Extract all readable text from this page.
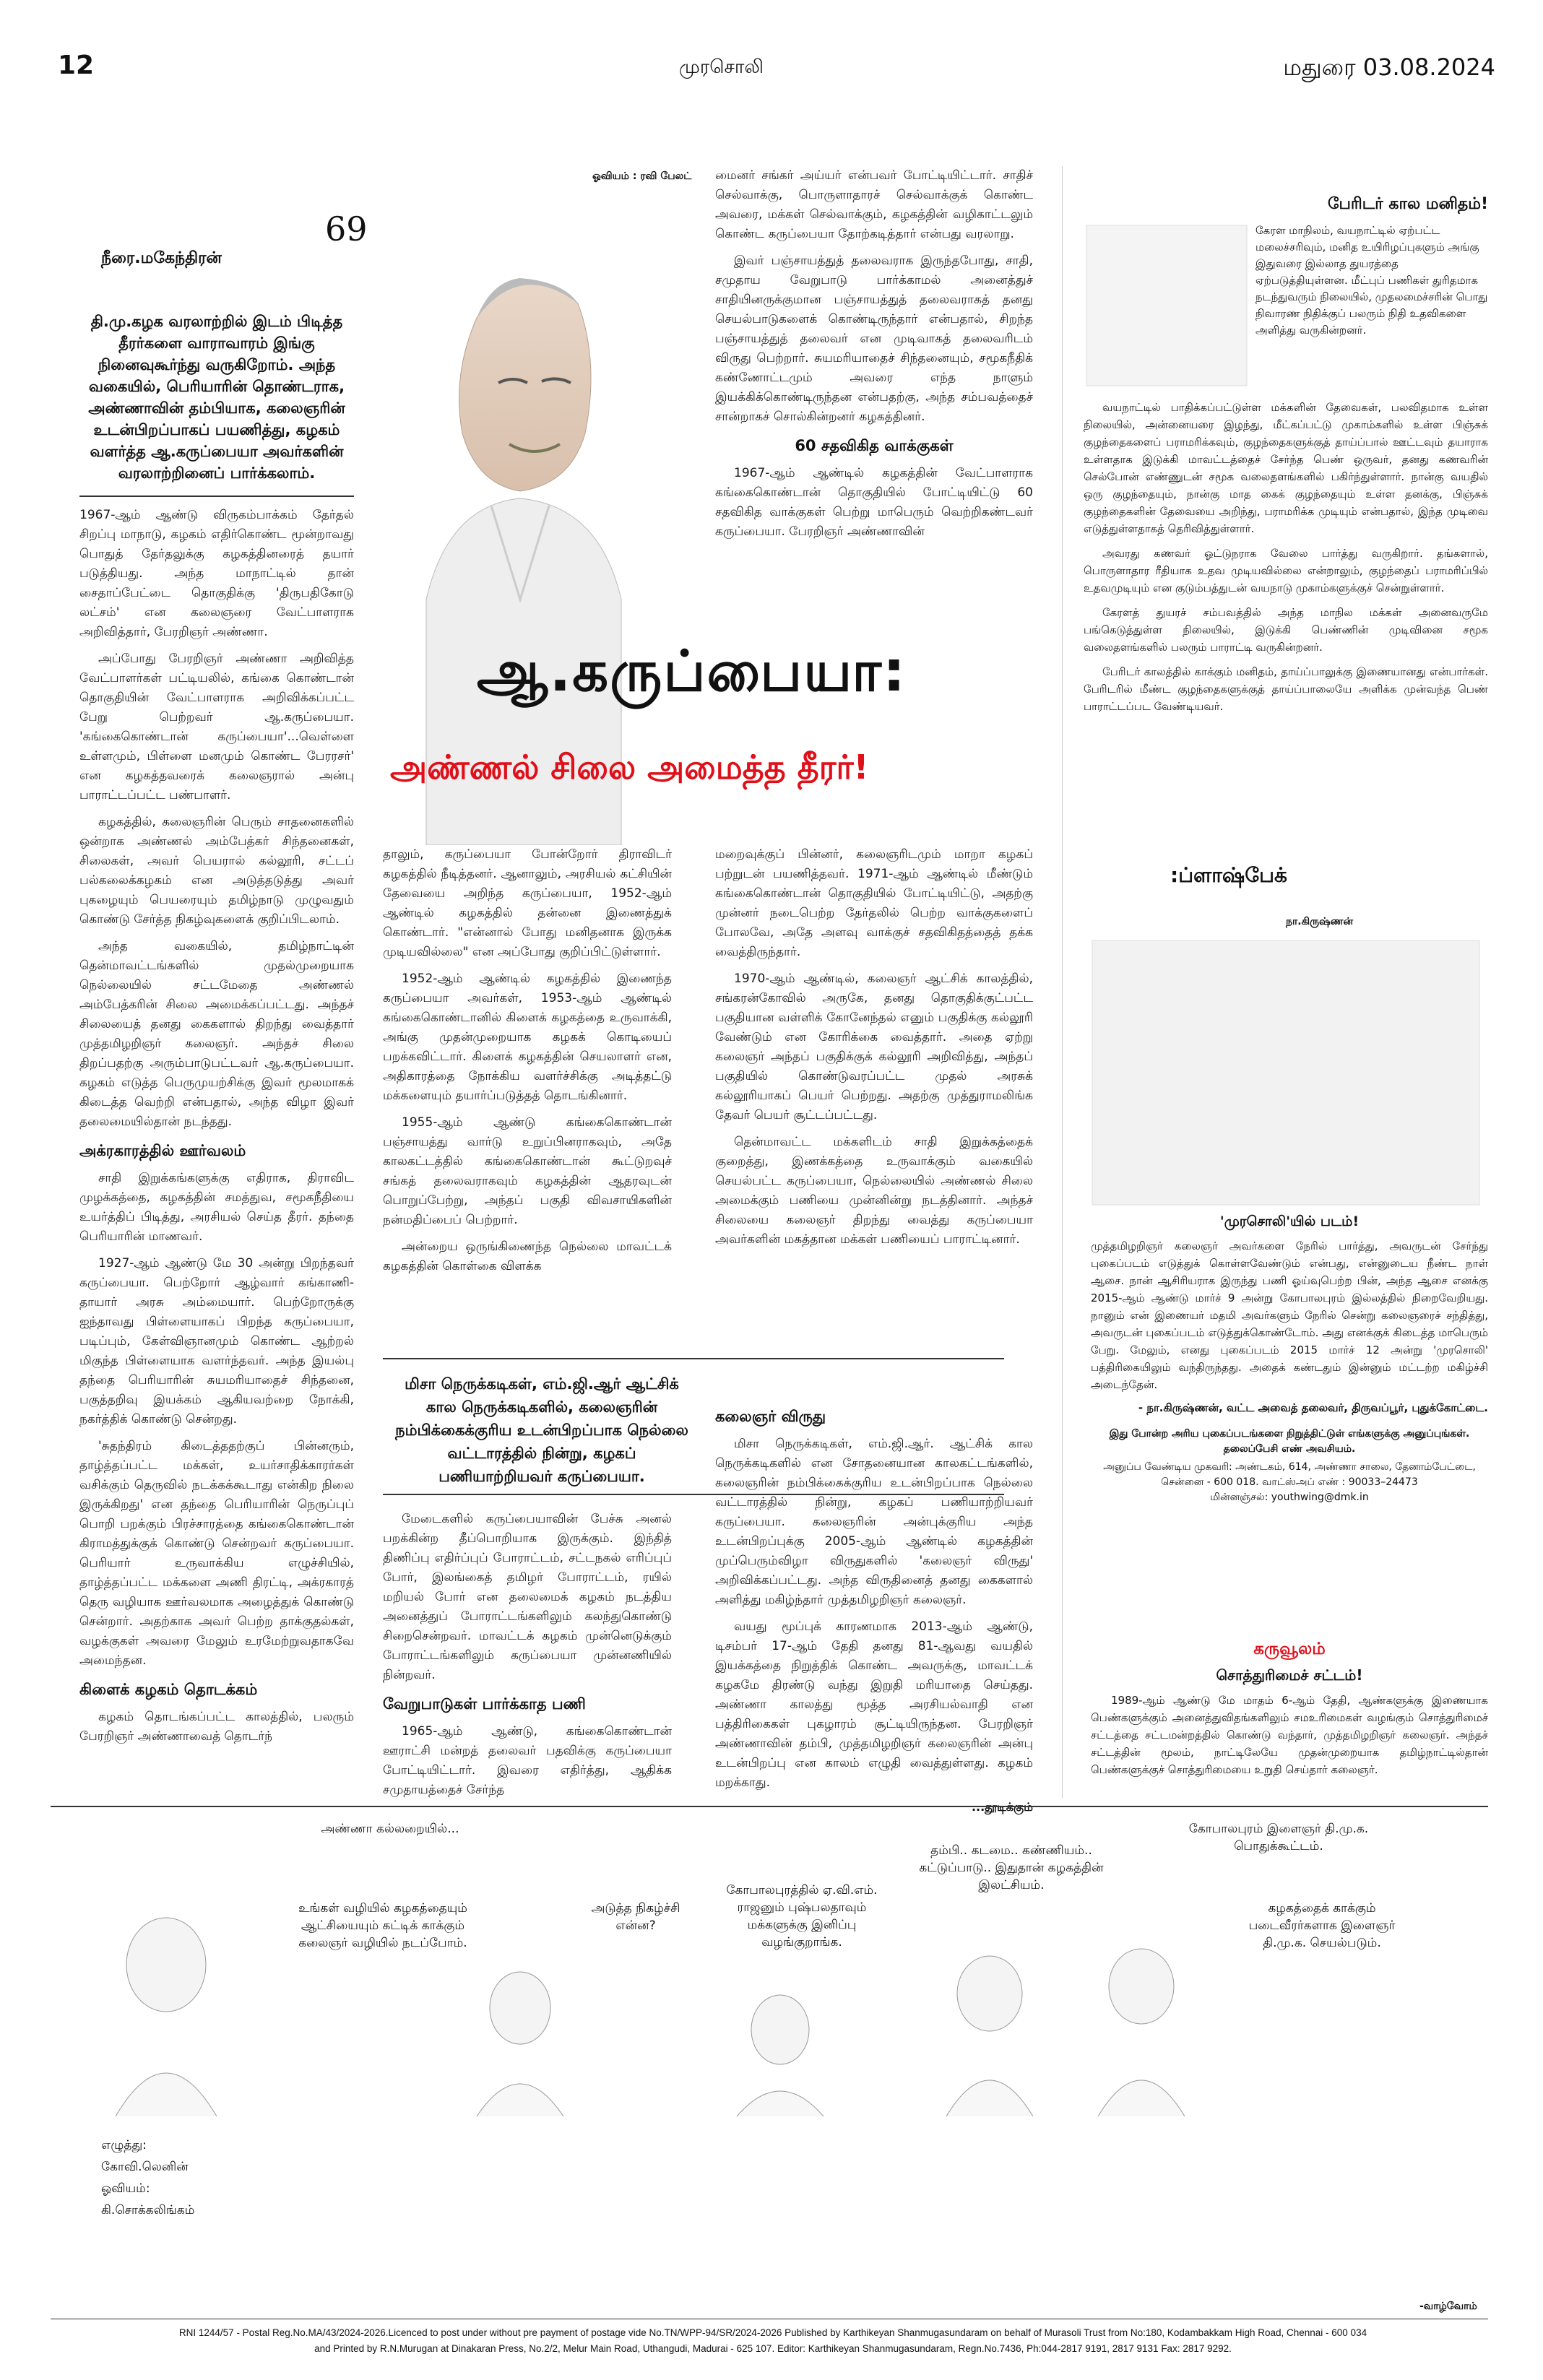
12	முரசொலி	மதுரை 03.08.2024
69
நீரை.மகேந்திரன்
ஓவியம் : ரவி பேலட்
தி.மு.கழக வரலாற்றில் இடம் பிடித்த தீரர்களை வாராவாரம் இங்கு நினைவுகூர்ந்து வருகிறோம். அந்த வகையில், பெரியாரின் தொண்டராக, அண்ணாவின் தம்பியாக, கலைஞரின் உடன்பிறப்பாகப் பயணித்து, கழகம் வளர்த்த ஆ.கருப்பையா அவர்களின் வரலாற்றினைப் பார்க்கலாம்.

1967-ஆம் ஆண்டு விருகம்பாக்கம் தேர்தல் சிறப்பு மாநாடு, கழகம் எதிர்கொண்ட மூன்றாவது பொதுத் தேர்தலுக்கு கழகத்தினரைத் தயார் படுத்தியது. அந்த மாநாட்டில் தான் சைதாப்பேட்டை தொகுதிக்கு 'திருபதிகோடு லட்சம்' என கலைஞரை வேட்பாளராக அறிவித்தார், பேரறிஞர் அண்ணா.

அப்போது பேரறிஞர் அண்ணா அறிவித்த வேட்பாளர்கள் பட்டியலில், கங்கை கொண்டான் தொகுதியின் வேட்பாளராக அறிவிக்கப்பட்ட பேறு பெற்றவர் ஆ.கருப்பையா. 'கங்கைகொண்டான் கருப்பையா'...வெள்ளை உள்ளமும், பிள்ளை மனமும் கொண்ட பேரரசர்' என கழகத்தவரைக் கலைஞரால் அன்பு பாராட்டப்பட்ட பண்பாளர்.

கழகத்தில், கலைஞரின் பெரும் சாதனைகளில் ஒன்றாக அண்ணல் அம்பேத்கர் சிந்தனைகள், சிலைகள், அவர் பெயரால் கல்லூரி, சட்டப் பல்கலைக்கழகம் என அடுத்தடுத்து அவர் புகழையும் பெயரையும் தமிழ்நாடு முழுவதும் கொண்டு சேர்த்த நிகழ்வுகளைக் குறிப்பிடலாம்.

அந்த வகையில், தமிழ்நாட்டின் தென்மாவட்டங்களில் முதல்முறையாக நெல்லையில் சட்டமேதை அண்ணல் அம்பேத்கரின் சிலை அமைக்கப்பட்டது. அந்தச் சிலையைத் தனது கைகளால் திறந்து வைத்தார் முத்தமிழறிஞர் கலைஞர். அந்தச் சிலை திறப்பதற்கு அரும்பாடுபட்டவர் ஆ.கருப்பையா. கழகம் எடுத்த பெருமுயற்சிக்கு இவர் மூலமாகக் கிடைத்த வெற்றி என்பதால், அந்த விழா இவர் தலைமையில்தான் நடந்தது.

அக்ரகாரத்தில் ஊர்வலம்

சாதி இறுக்கங்களுக்கு எதிராக, திராவிட முழக்கத்தை, கழகத்தின் சமத்துவ, சமூகநீதியை உயர்த்திப் பிடித்து, அரசியல் செய்த தீரர். தந்தை பெரியாரின் மாணவர்.

1927-ஆம் ஆண்டு மே 30 அன்று பிறந்தவர் கருப்பையா. பெற்றோர் ஆழ்வார் கங்காணி-தாயார் அரசு அம்மையார். பெற்றோருக்கு ஐந்தாவது பிள்ளையாகப் பிறந்த கருப்பையா, படிப்பும், கேள்விஞானமும் கொண்ட ஆற்றல் மிகுந்த பிள்ளையாக வளர்ந்தவர். அந்த இயல்பு தந்தை பெரியாரின் சுயமரியாதைச் சிந்தனை, பகுத்தறிவு இயக்கம் ஆகியவற்றை நோக்கி, நகர்த்திக் கொண்டு சென்றது.

'சுதந்திரம் கிடைத்ததற்குப் பின்னரும், தாழ்த்தப்பட்ட மக்கள், உயர்சாதிக்காரர்கள் வசிக்கும் தெருவில் நடக்கக்கூடாது என்கிற நிலை இருக்கிறது' என தந்தை பெரியாரின் நெருப்புப் பொறி பறக்கும் பிரச்சாரத்தை கங்கைகொண்டான் கிராமத்துக்குக் கொண்டு சென்றவர் கருப்பையா. பெரியார் உருவாக்கிய எழுச்சியில், தாழ்த்தப்பட்ட மக்களை அணி திரட்டி, அக்ரகாரத் தெரு வழியாக ஊர்வலமாக அழைத்துக் கொண்டு சென்றார். அதற்காக அவர் பெற்ற தாக்குதல்கள், வழக்குகள் அவரை மேலும் உரமேற்றுவதாகவே அமைந்தன.

கிளைக் கழகம் தொடக்கம்

கழகம் தொடங்கப்பட்ட காலத்தில், பலரும் பேரறிஞர் அண்ணாவைத் தொடர்ந்

மைனர் சங்கர் அய்யர் என்பவர் போட்டியிட்டார். சாதிச் செல்வாக்கு, பொருளாதாரச் செல்வாக்குக் கொண்ட அவரை, மக்கள் செல்வாக்கும், கழகத்தின் வழிகாட்டலும் கொண்ட கருப்பையா தோற்கடித்தார் என்பது வரலாறு.

இவர் பஞ்சாயத்துத் தலைவராக இருந்தபோது, சாதி, சமுதாய வேறுபாடு பார்க்காமல் அனைத்துச் சாதியினருக்குமான பஞ்சாயத்துத் தலைவராகத் தனது செயல்பாடுகளைக் கொண்டிருந்தார் என்பதால், சிறந்த பஞ்சாயத்துத் தலைவர் என முடிவாகத் தலைவரிடம் விருது பெற்றார். சுயமரியாதைச் சிந்தனையும், சமூகநீதிக் கண்ணோட்டமும் அவரை எந்த நாளும் இயக்கிக்கொண்டிருந்தன என்பதற்கு, அந்த சம்பவத்தைச் சான்றாகச் சொல்கின்றனர் கழகத்தினர்.

60 சதவிகித வாக்குகள்

1967-ஆம் ஆண்டில் கழகத்தின் வேட்பாளராக கங்கைகொண்டான் தொகுதியில் போட்டியிட்டு 60 சதவிகித வாக்குகள் பெற்று மாபெரும் வெற்றிகண்டவர் கருப்பையா. பேரறிஞர் அண்ணாவின்

ஆ.கருப்பையா:
அண்ணல் சிலை அமைத்த தீரர்!

தாலும், கருப்பையா போன்றோர் திராவிடர் கழகத்தில் நீடித்தனர். ஆனாலும், அரசியல் கட்சியின் தேவையை அறிந்த கருப்பையா, 1952-ஆம் ஆண்டில் கழகத்தில் தன்னை இணைத்துக் கொண்டார். "என்னால் போது மனிதனாக இருக்க முடியவில்லை" என அப்போது குறிப்பிட்டுள்ளார்.

1952-ஆம் ஆண்டில் கழகத்தில் இணைந்த கருப்பையா அவர்கள், 1953-ஆம் ஆண்டில் கங்கைகொண்டானில் கிளைக் கழகத்தை உருவாக்கி, அங்கு முதன்முறையாக கழகக் கொடியைப் பறக்கவிட்டார். கிளைக் கழகத்தின் செயலாளர் என, அதிகாரத்தை நோக்கிய வளர்ச்சிக்கு அடித்தட்டு மக்களையும் தயார்ப்படுத்தத் தொடங்கினார்.

1955-ஆம் ஆண்டு கங்கைகொண்டான் பஞ்சாயத்து வார்டு உறுப்பினராகவும், அதே காலகட்டத்தில் கங்கைகொண்டான் கூட்டுறவுச் சங்கத் தலைவராகவும் கழகத்தின் ஆதரவுடன் பொறுப்பேற்று, அந்தப் பகுதி விவசாயிகளின் நன்மதிப்பைப் பெற்றார்.

அன்றைய ஒருங்கிணைந்த நெல்லை மாவட்டக் கழகத்தின் கொள்கை விளக்க

மிசா நெருக்கடிகள், எம்.ஜி.ஆர் ஆட்சிக் கால நெருக்கடிகளில், கலைஞரின் நம்பிக்கைக்குரிய உடன்பிறப்பாக நெல்லை வட்டாரத்தில் நின்று, கழகப் பணியாற்றியவர் கருப்பையா.

மேடைகளில் கருப்பையாவின் பேச்சு அனல் பறக்கின்ற தீப்பொறியாக இருக்கும். இந்தித் திணிப்பு எதிர்ப்புப் போராட்டம், சட்டநகல் எரிப்புப் போர், இலங்கைத் தமிழர் போராட்டம், ரயில் மறியல் போர் என தலைமைக் கழகம் நடத்திய அனைத்துப் போராட்டங்களிலும் கலந்துகொண்டு சிறைசென்றவர். மாவட்டக் கழகம் முன்னெடுக்கும் போராட்டங்களிலும் கருப்பையா முன்னணியில் நின்றவர்.

வேறுபாடுகள் பார்க்காத பணி

1965-ஆம் ஆண்டு, கங்கைகொண்டான் ஊராட்சி மன்றத் தலைவர் பதவிக்கு கருப்பையா போட்டியிட்டார். இவரை எதிர்த்து, ஆதிக்க சமுதாயத்தைச் சேர்ந்த

மறைவுக்குப் பின்னர், கலைஞரிடமும் மாறா கழகப் பற்றுடன் பயணித்தவர். 1971-ஆம் ஆண்டில் மீண்டும் கங்கைகொண்டான் தொகுதியில் போட்டியிட்டு, அதற்கு முன்னர் நடைபெற்ற தேர்தலில் பெற்ற வாக்குகளைப் போலவே, அதே அளவு வாக்குச் சதவிகிதத்தைத் தக்க வைத்திருந்தார்.

1970-ஆம் ஆண்டில், கலைஞர் ஆட்சிக் காலத்தில், சங்கரன்கோவில் அருகே, தனது தொகுதிக்குட்பட்ட பகுதியான வள்ளிக் கோனேந்தல் எனும் பகுதிக்கு கல்லூரி வேண்டும் என கோரிக்கை வைத்தார். அதை ஏற்று கலைஞர் அந்தப் பகுதிக்குக் கல்லூரி அறிவித்து, அந்தப் பகுதியில் கொண்டுவரப்பட்ட முதல் அரசுக் கல்லூரியாகப் பெயர் பெற்றது. அதற்கு முத்துராமலிங்க தேவர் பெயர் சூட்டப்பட்டது.

தென்மாவட்ட மக்களிடம் சாதி இறுக்கத்தைக் குறைத்து, இணக்கத்தை உருவாக்கும் வகையில் செயல்பட்ட கருப்பையா, நெல்லையில் அண்ணல் சிலை அமைக்கும் பணியை முன்னின்று நடத்தினார். அந்தச் சிலையை கலைஞர் திறந்து வைத்து கருப்பையா அவர்களின் மகத்தான மக்கள் பணியைப் பாராட்டினார்.

கலைஞர் விருது

மிசா நெருக்கடிகள், எம்.ஜி.ஆர். ஆட்சிக் கால நெருக்கடிகளில் என சோதனையான காலகட்டங்களில், கலைஞரின் நம்பிக்கைக்குரிய உடன்பிறப்பாக நெல்லை வட்டாரத்தில் நின்று, கழகப் பணியாற்றியவர் கருப்பையா. கலைஞரின் அன்புக்குரிய அந்த உடன்பிறப்புக்கு 2005-ஆம் ஆண்டில் கழகத்தின் முப்பெரும்விழா விருதுகளில் 'கலைஞர் விருது' அறிவிக்கப்பட்டது. அந்த விருதினைத் தனது கைகளால் அளித்து மகிழ்ந்தார் முத்தமிழறிஞர் கலைஞர்.

வயது மூப்புக் காரணமாக 2013-ஆம் ஆண்டு, டிசம்பர் 17-ஆம் தேதி தனது 81-ஆவது வயதில் இயக்கத்தை நிறுத்திக் கொண்ட அவருக்கு, மாவட்டக் கழகமே திரண்டு வந்து இறுதி மரியாதை செய்தது. அண்ணா காலத்து மூத்த அரசியல்வாதி என பத்திரிகைகள் புகழாரம் சூட்டியிருந்தன. பேரறிஞர் அண்ணாவின் தம்பி, முத்தமிழறிஞர் கலைஞரின் அன்பு உடன்பிறப்பு என காலம் எழுதி வைத்துள்ளது. கழகம் மறக்காது.

...தூடிக்கும்
பேரிடர் கால மனிதம்!
கேரள மாநிலம், வயநாட்டில் ஏற்பட்ட மலைச்சரிவும், மனித உயிரிழப்புகளும் அங்கு இதுவரை இல்லாத துயரத்தை ஏற்படுத்தியுள்ளன. மீட்புப் பணிகள் துரிதமாக நடந்துவரும் நிலையில், முதலமைச்சரின் பொது நிவாரண நிதிக்குப் பலரும் நிதி உதவிகளை அளித்து வருகின்றனர்.
வயநாட்டில் பாதிக்கப்பட்டுள்ள மக்களின் தேவைகள், பலவிதமாக உள்ள நிலையில், அன்னையரை இழந்து, மீட்கப்பட்டு முகாம்களில் உள்ள பிஞ்சுக் குழந்தைகளைப் பராமரிக்கவும், குழந்தைகளுக்குத் தாய்ப்பால் ஊட்டவும் தயாராக உள்ளதாக இடுக்கி மாவட்டத்தைச் சேர்ந்த பெண் ஒருவர், தனது கணவரின் செல்போன் எண்ணுடன் சமூக வலைதளங்களில் பகிர்ந்துள்ளார். நான்கு வயதில் ஒரு குழந்தையும், நான்கு மாத கைக் குழந்தையும் உள்ள தனக்கு, பிஞ்சுக் குழந்தைகளின் தேவையை அறிந்து, பராமரிக்க முடியும் என்பதால், இந்த முடிவை எடுத்துள்ளதாகத் தெரிவித்துள்ளார்.
அவரது கணவர் ஓட்டுநராக வேலை பார்த்து வருகிறார். தங்களால், பொருளாதார ரீதியாக உதவ முடியவில்லை என்றாலும், குழந்தைப் பராமரிப்பில் உதவமுடியும் என குடும்பத்துடன் வயநாடு முகாம்களுக்குச் சென்றுள்ளார்.
கேரளத் துயரச் சம்பவத்தில் அந்த மாநில மக்கள் அனைவருமே பங்கெடுத்துள்ள நிலையில், இடுக்கி பெண்ணின் முடிவினை சமூக வலைதளங்களில் பலரும் பாராட்டி வருகின்றனர்.
பேரிடர் காலத்தில் காக்கும் மனிதம், தாய்ப்பாலுக்கு இணையானது என்பார்கள். பேரிடரில் மீண்ட குழந்தைகளுக்குத் தாய்ப்பாலையே அளிக்க முன்வந்த பெண் பாராட்டப்பட வேண்டியவர்.
:ப்ளாஷ்பேக்
நா.கிருஷ்ணன்
'முரசொலி'யில் படம்!
முத்தமிழறிஞர் கலைஞர் அவர்களை நேரில் பார்த்து, அவருடன் சேர்ந்து புகைப்படம் எடுத்துக் கொள்ளவேண்டும் என்பது, என்னுடைய நீண்ட நாள் ஆசை. நான் ஆசிரியராக இருந்து பணி ஓய்வுபெற்ற பின், அந்த ஆசை எனக்கு 2015-ஆம் ஆண்டு மார்ச் 9 அன்று கோபாலபுரம் இல்லத்தில் நிறைவேறியது. நானும் என் இணையர் மதமி அவர்களும் நேரில் சென்று கலைஞரைச் சந்தித்து, அவருடன் புகைப்படம் எடுத்துக்கொண்டோம். அது எனக்குக் கிடைத்த மாபெரும் பேறு. மேலும், எனது புகைப்படம் 2015 மார்ச் 12 அன்று 'முரசொலி' பத்திரிகையிலும் வந்திருந்தது. அதைக் கண்டதும் இன்னும் மட்டற்ற மகிழ்ச்சி அடைந்தேன்.
- நா.கிருஷ்ணன், வட்ட அவைத் தலைவர், திருவப்பூர், புதுக்கோட்டை.
இது போன்ற அரிய புகைப்படங்களை நிறுத்திட்டுள் எங்களுக்கு அனுப்புங்கள். தலைப்பேசி எண் அவசியம்.
அனுப்ப வேண்டிய முகவரி: அண்டகம், 614, அண்ணா சாலை, தேனாம்பேட்டை, சென்னை - 600 018. வாட்ஸ்அப் எண் : 90033–24473
மின்னஞ்சல்: youthwing@dmk.in
கருவூலம்
சொத்துரிமைச் சட்டம்!
1989-ஆம் ஆண்டு மே மாதம் 6-ஆம் தேதி, ஆண்களுக்கு இணையாக பெண்களுக்கும் அனைத்துவிதங்களிலும் சமஉரிமைகள் வழங்கும் சொத்துரிமைச் சட்டத்தை சட்டமன்றத்தில் கொண்டு வந்தார், முத்தமிழறிஞர் கலைஞர். அந்தச் சட்டத்தின் மூலம், நாட்டிலேயே முதன்முறையாக தமிழ்நாட்டில்தான் பெண்களுக்குச் சொத்துரிமையை உறுதி செய்தார் கலைஞர்.
அண்ணா கல்லறையில்...
உங்கள் வழியில் கழகத்தையும் ஆட்சியையும் கட்டிக் காக்கும் கலைஞர் வழியில் நடப்போம்.
அடுத்த நிகழ்ச்சி என்ன?
கோபாலபுரத்தில் ஏ.வி.எம். ராஜனும் புஷ்பலதாவும் மக்களுக்கு இனிப்பு வழங்குறாங்க.
தம்பி.. கடமை.. கண்ணியம்.. கட்டுப்பாடு.. இதுதான் கழகத்தின் இலட்சியம்.
கோபாலபுரம் இளைஞர் தி.மு.க. பொதுக்கூட்டம்.
கழகத்தைக் காக்கும் படைவீரர்களாக இளைஞர் தி.மு.க. செயல்படும்.
எழுத்து:
கோவி.லெனின்
ஓவியம்:
கி.சொக்கலிங்கம்
-வாழ்வோம்
RNI 1244/57 - Postal Reg.No.MA/43/2024-2026.Licenced to post under without pre payment of postage vide No.TN/WPP-94/SR/2024-2026 Published by Karthikeyan Shanmugasundaram on behalf of Murasoli Trust from No:180, Kodambakkam High Road, Chennai - 600 034
and Printed by R.N.Murugan at Dinakaran Press, No.2/2, Melur Main Road, Uthangudi, Madurai - 625 107. Editor: Karthikeyan Shanmugasundaram, Regn.No.7436, Ph:044-2817 9191, 2817 9131 Fax: 2817 9292.
